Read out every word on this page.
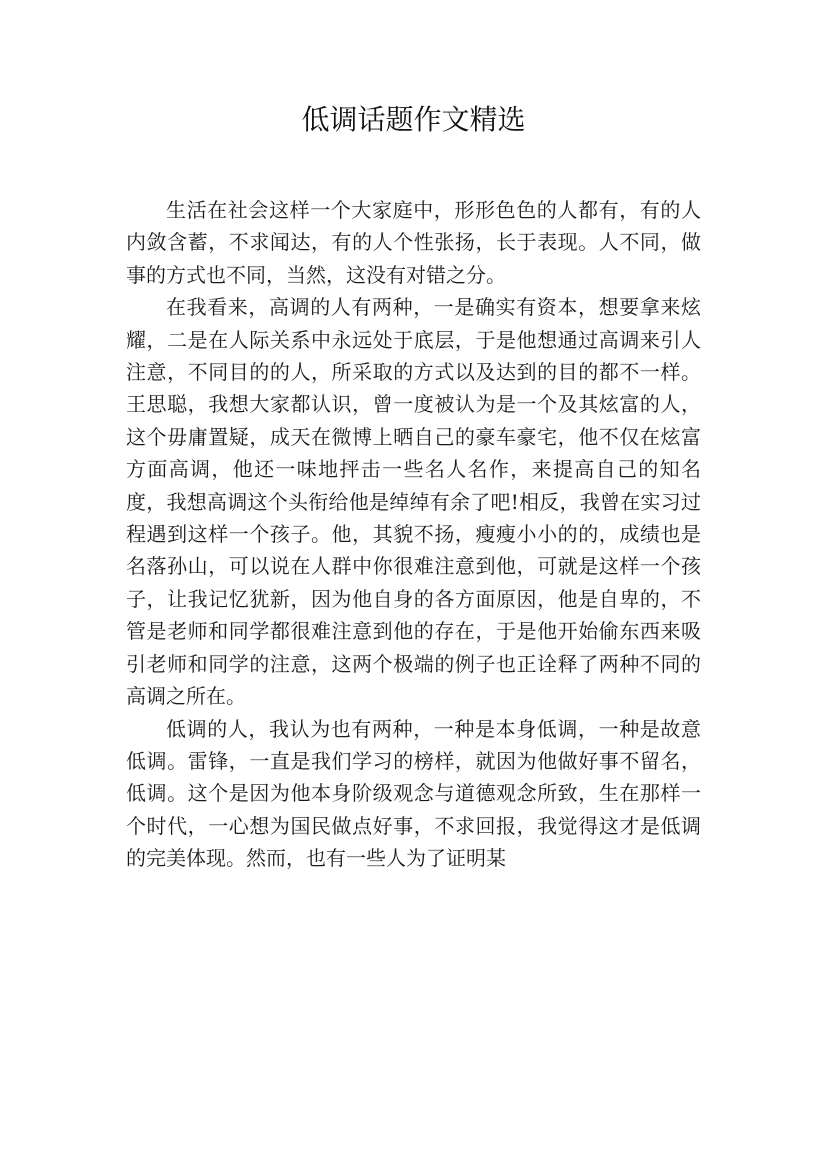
低调话题作文精选

生活在社会这样一个大家庭中，形形色色的人都有，有的人内敛含蓄，不求闻达，有的人个性张扬，长于表现。人不同，做事的方式也不同，当然，这没有对错之分。

在我看来，高调的人有两种，一是确实有资本，想要拿来炫耀，二是在人际关系中永远处于底层，于是他想通过高调来引人注意，不同目的的人，所采取的方式以及达到的目的都不一样。王思聪，我想大家都认识，曾一度被认为是一个及其炫富的人，这个毋庸置疑，成天在微博上晒自己的豪车豪宅，他不仅在炫富方面高调，他还一味地抨击一些名人名作，来提高自己的知名度，我想高调这个头衔给他是绰绰有余了吧!相反，我曾在实习过程遇到这样一个孩子。他，其貌不扬，瘦瘦小小的的，成绩也是名落孙山，可以说在人群中你很难注意到他，可就是这样一个孩子，让我记忆犹新，因为他自身的各方面原因，他是自卑的，不管是老师和同学都很难注意到他的存在，于是他开始偷东西来吸引老师和同学的注意，这两个极端的例子也正诠释了两种不同的高调之所在。

低调的人，我认为也有两种，一种是本身低调，一种是故意低调。雷锋，一直是我们学习的榜样，就因为他做好事不留名，低调。这个是因为他本身阶级观念与道德观念所致，生在那样一个时代，一心想为国民做点好事，不求回报，我觉得这才是低调的完美体现。然而，也有一些人为了证明某
